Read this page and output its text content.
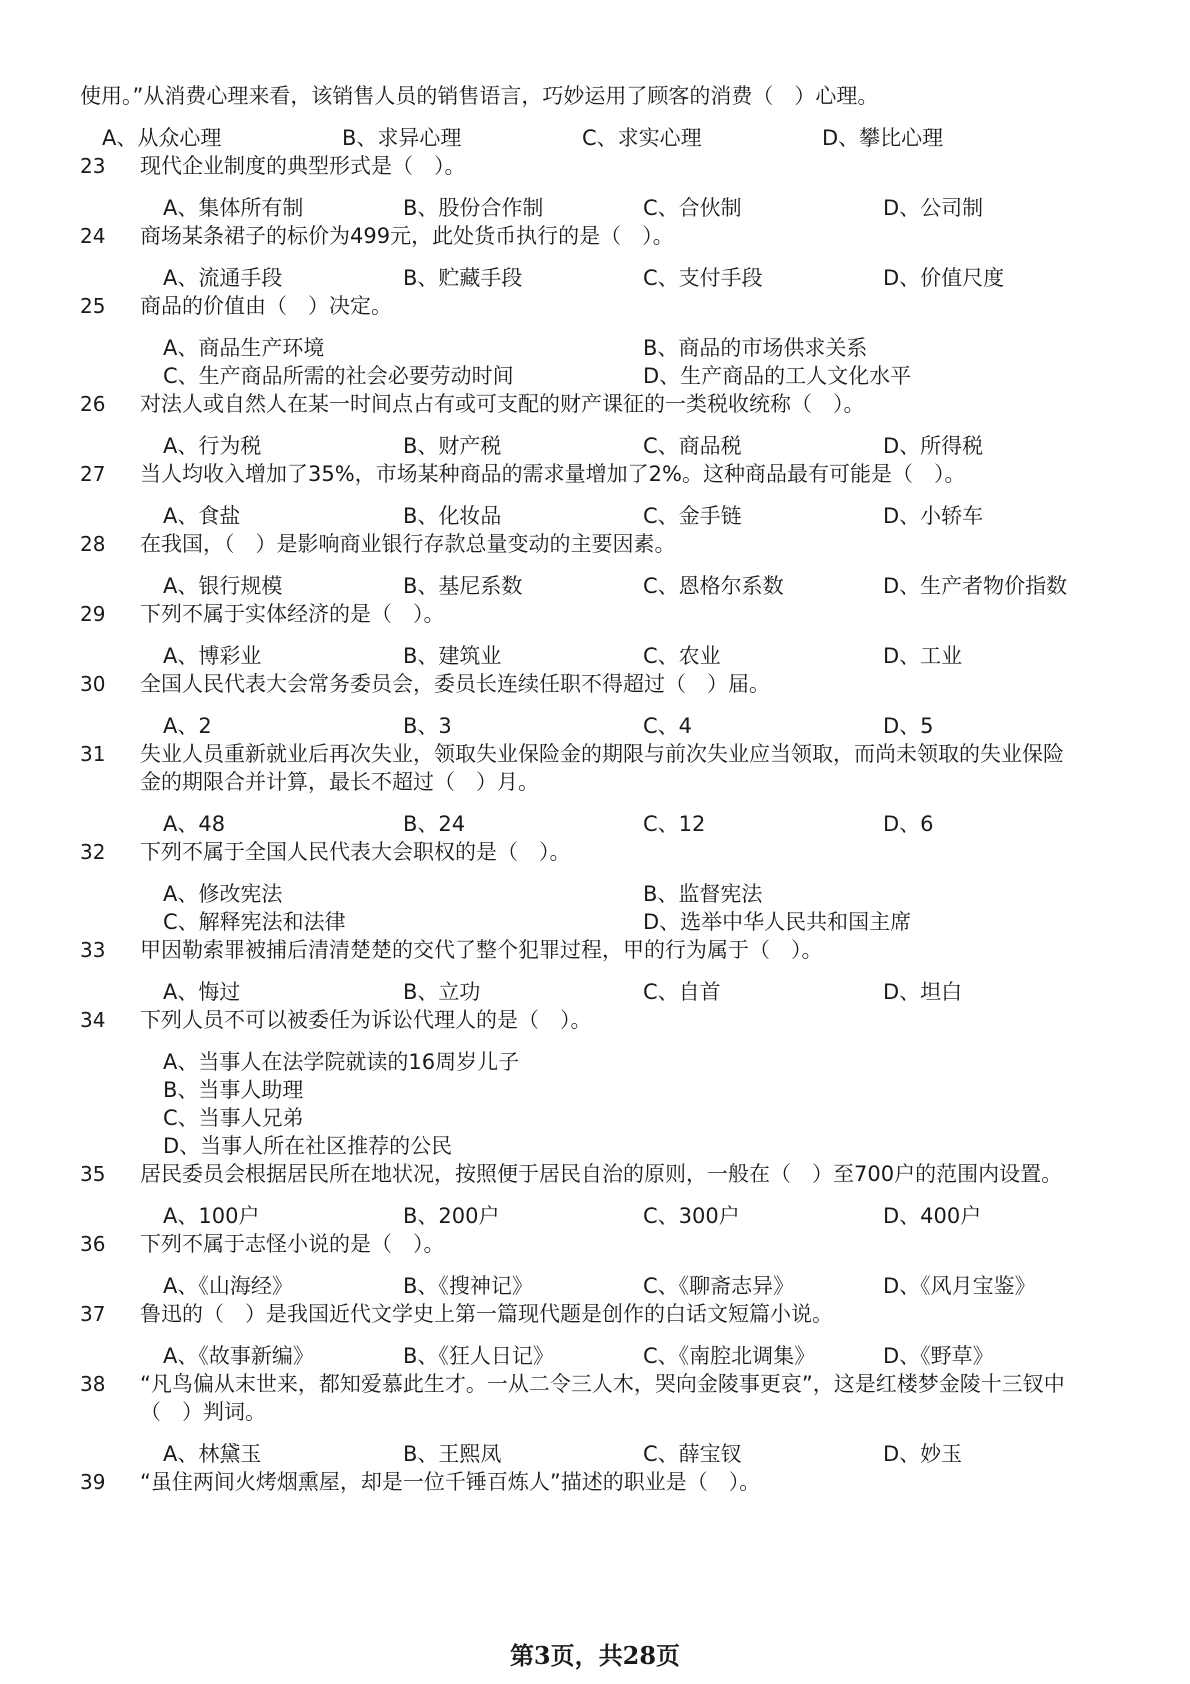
使用。”从消费心理来看，该销售人员的销售语言，巧妙运用了顾客的消费（　）心理。
A、从众心理	B、求异心理	C、求实心理	D、攀比心理
23 现代企业制度的典型形式是（　）。
A、集体所有制	B、股份合作制	C、合伙制	D、公司制
24 商场某条裙子的标价为499元，此处货币执行的是（　）。
A、流通手段	B、贮藏手段	C、支付手段	D、价值尺度
25 商品的价值由（　）决定。
A、商品生产环境	B、商品的市场供求关系
C、生产商品所需的社会必要劳动时间	D、生产商品的工人文化水平
26 对法人或自然人在某一时间点占有或可支配的财产课征的一类税收统称（　）。
A、行为税	B、财产税	C、商品税	D、所得税
27 当人均收入增加了35%，市场某种商品的需求量增加了2%。这种商品最有可能是（　）。
A、食盐	B、化妆品	C、金手链	D、小轿车
28 在我国，（　）是影响商业银行存款总量变动的主要因素。
A、银行规模	B、基尼系数	C、恩格尔系数	D、生产者物价指数
29 下列不属于实体经济的是（　）。
A、博彩业	B、建筑业	C、农业	D、工业
30 全国人民代表大会常务委员会，委员长连续任职不得超过（　）届。
A、2	B、3	C、4	D、5
31 失业人员重新就业后再次失业，领取失业保险金的期限与前次失业应当领取，而尚未领取的失业保险
金的期限合并计算，最长不超过（　）月。
A、48	B、24	C、12	D、6
32 下列不属于全国人民代表大会职权的是（　）。
A、修改宪法	B、监督宪法
C、解释宪法和法律	D、选举中华人民共和国主席
33 甲因勒索罪被捕后清清楚楚的交代了整个犯罪过程，甲的行为属于（　）。
A、悔过	B、立功	C、自首	D、坦白
34 下列人员不可以被委任为诉讼代理人的是（　）。
A、当事人在法学院就读的16周岁儿子
B、当事人助理
C、当事人兄弟
D、当事人所在社区推荐的公民
35 居民委员会根据居民所在地状况，按照便于居民自治的原则，一般在（　）至700户的范围内设置。
A、100户	B、200户	C、300户	D、400户
36 下列不属于志怪小说的是（　）。
A、《山海经》	B、《搜神记》	C、《聊斋志异》	D、《风月宝鉴》
37 鲁迅的（　）是我国近代文学史上第一篇现代题是创作的白话文短篇小说。
A、《故事新编》	B、《狂人日记》	C、《南腔北调集》	D、《野草》
38 “凡鸟偏从末世来，都知爱慕此生才。一从二令三人木，哭向金陵事更哀”，这是红楼梦金陵十三钗中
（　）判词。
A、林黛玉	B、王熙凤	C、薛宝钗	D、妙玉
39 “虽住两间火烤烟熏屋，却是一位千锤百炼人”描述的职业是（　）。
第3页，共28页
